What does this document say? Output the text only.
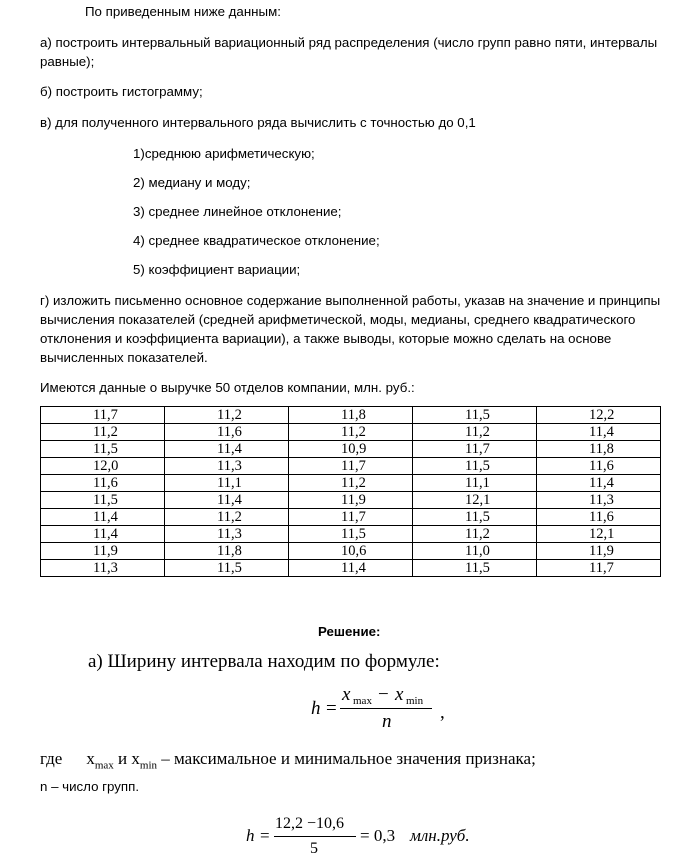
По приведенным ниже данным:
а) построить интервальный вариационный ряд распределения (число групп равно пяти, интервалы равные);
б) построить гистограмму;
в) для полученного интервального ряда вычислить с точностью до 0,1
1)среднюю арифметическую;
2) медиану и моду;
3) среднее линейное отклонение;
4) среднее квадратическое отклонение;
5) коэффициент вариации;
г) изложить письменно основное содержание выполненной работы, указав на значение и принципы вычисления показателей (средней арифметической, моды, медианы, среднего квадратического отклонения и коэффициента вариации), а также выводы, которые можно сделать на основе вычисленных показателей.
Имеются данные о выручке 50 отделов компании, млн. руб.:
11,7	11,2	11,8	11,5	12,2
11,2	11,6	11,2	11,2	11,4
11,5	11,4	10,9	11,7	11,8
12,0	11,3	11,7	11,5	11,6
11,6	11,1	11,2	11,1	11,4
11,5	11,4	11,9	12,1	11,3
11,4	11,2	11,7	11,5	11,6
11,4	11,3	11,5	11,2	12,1
11,9	11,8	10,6	11,0	11,9
11,3	11,5	11,4	11,5	11,7
Решение:
а) Ширину интервала находим по формуле:
h =
x max − x min
n	,
где $x_{max}$ и $x_{min}$ – максимальное и минимальное значения признака;
n – число групп.
h =
12,2 −10,6
5
= 0,3 млн.руб.
